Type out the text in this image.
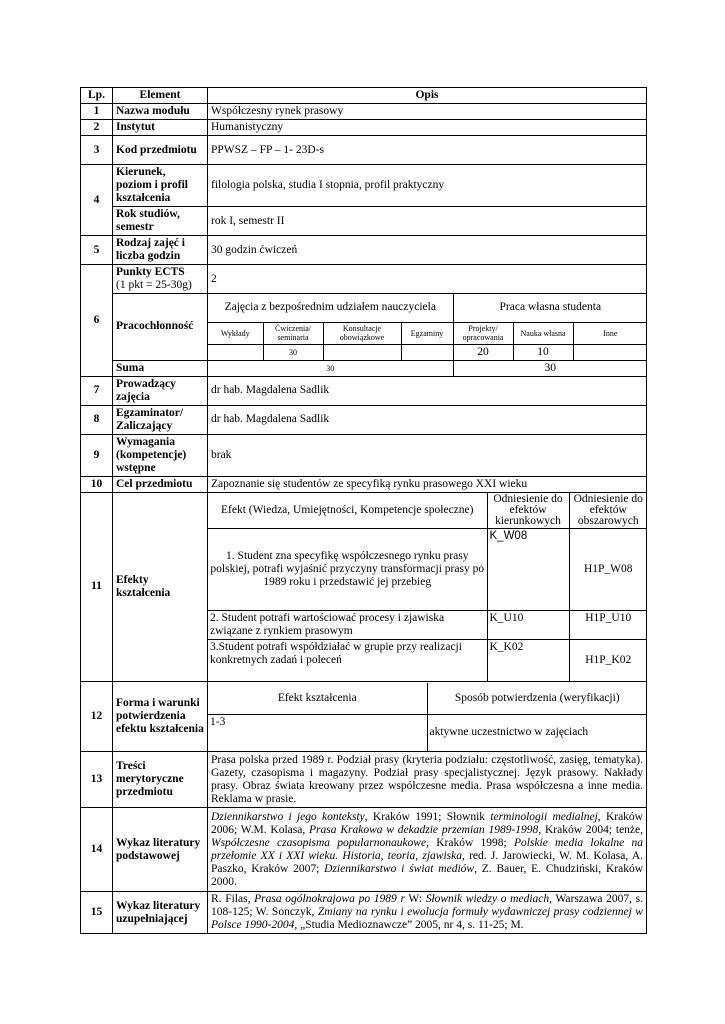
Lp.	Element	Opis
1	Nazwa modułu	Współczesny rynek prasowy
2	Instytut	Humanistyczny
3	Kod przedmiotu	PPWSZ – FP – 1- 23D-s
4	Kierunek, poziom i profil kształcenia	filologia polska, studia I stopnia, profil praktyczny
Rok studiów, semestr	rok I, semestr II
5	Rodzaj zajęć i liczba godzin	30 godzin ćwiczeń
6	Punkty ECTS
(1 pkt = 25-30g)	2
Pracochłonność	
Zajęcia z bezpośrednim udziałem nauczyciela	Praca własna studenta
Wykłady	Ćwiczenia/ seminaria	Konsultacje obowiązkowe	Egzaminy	Projekty/ opracowania	Nauka własna	Inne
	30			20	10	

Suma		30	30

7	Prowadzący zajęcia	dr hab. Magdalena Sadlik
8	Egzaminator/ Zaliczający	dr hab. Magdalena Sadlik
9	Wymagania (kompetencje) wstępne	brak
10	Cel przedmiotu	Zapoznanie się studentów ze specyfiką rynku prasowego XXI wieku
11	Efekty kształcenia	
Efekt (Wiedza, Umiejętności, Kompetencje społeczne)	Odniesienie do efektów kierunkowych	Odniesienie do efektów obszarowych
1. Student zna specyfikę współczesnego rynku prasy polskiej, potrafi wyjaśnić przyczyny transformacji prasy po 1989 roku i przedstawić jej przebieg	K_W08	H1P_W08
2. Student potrafi wartościować procesy i zjawiska związane z rynkiem prasowym	K_U10	H1P_U10
3.Student potrafi współdziałać w grupie przy realizacji konkretnych zadań i poleceń	K_K02	H1P_K02

12	Forma i warunki potwierdzenia efektu kształcenia	
Efekt kształcenia	Sposób potwierdzenia (weryfikacji)
1-3	aktywne uczestnictwo w zajęciach

13	Treści merytoryczne przedmiotu	Prasa polska przed 1989 r. Podział prasy (kryteria podziału: częstotliwość, zasięg, tematyka). Gazety, czasopisma i magazyny. Podział prasy specjalistycznej. Język prasowy. Nakłady prasy. Obraz świata kreowany przez współczesne media. Prasa współczesna a inne media. Reklama w prasie.
14	Wykaz literatury podstawowej	Dziennikarstwo i jego konteksty, Kraków 1991; Słownik terminologii medialnej, Kraków 2006; W.M. Kolasa, Prasa Krakowa w dekadzie przemian 1989-1998, Kraków 2004; tenże, Współczesne czasopisma popularnonaukowe, Kraków 1998; Polskie media lokalne na przełomie XX i XXI wieku. Historia, teoria, zjawiska, red. J. Jarowiecki, W. M. Kolasa, A. Paszko, Kraków 2007; Dziennikarstwo i świat mediów, Z. Bauer, E. Chudziński, Kraków 2000.
15	Wykaz literatury uzupełniającej	R. Filas, Prasa ogólnokrajowa po 1989 r W: Słownik wiedzy o mediach, Warszawa 2007, s. 108-125; W. Sonczyk, Zmiany na rynku i ewolucja formuły wydawniczej prasy codziennej w Polsce 1990-2004, „Studia Medioznawcze” 2005, nr 4, s. 11-25; M.
